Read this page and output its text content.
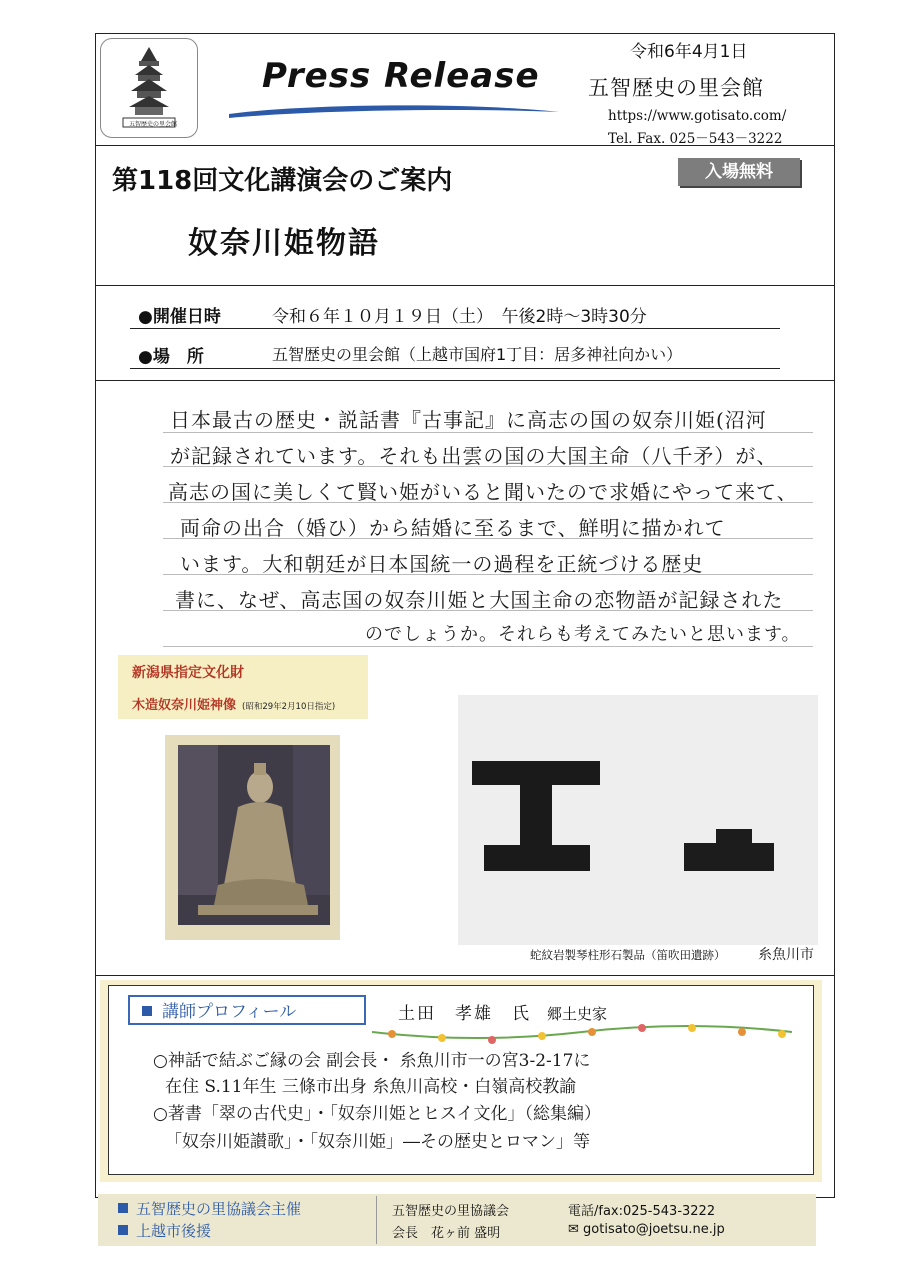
五智歴史の里会館
Press Release
令和6年4月1日
五智歴史の里会館
https://www.gotisato.com/
Tel. Fax. 025－543－3222
第118回文化講演会のご案内	入場無料
奴奈川姫物語
●開催日時	令和６年１０月１９日（土）　午後2時～3時30分
●場　所	五智歴史の里会館（上越市国府1丁目：居多神社向かい）
日本最古の歴史・説話書『古事記』に高志の国の奴奈川姫(沼河
が記録されています。それも出雲の国の大国主命（八千矛）が、
高志の国に美しくて賢い姫がいると聞いたので求婚にやって来て、
両命の出合（婚ひ）から結婚に至るまで、鮮明に描かれて
います。大和朝廷が日本国統一の過程を正統づける歴史
書に、なぜ、高志国の奴奈川姫と大国主命の恋物語が記録された
のでしょうか。それらも考えてみたいと思います。
新潟県指定文化財
木造奴奈川姫神像 (昭和29年2月10日指定)
蛇紋岩製琴柱形石製品（笛吹田遺跡） 糸魚川市
講師プロフィール	土田　孝雄　氏 郷土史家
○神話で結ぶご縁の会 副会長・ 糸魚川市一の宮3-2-17に
在住 S.11年生 三條市出身 糸魚川高校・白嶺高校教諭
○著書「翠の古代史」・「奴奈川姫とヒスイ文化」（総集編）
「奴奈川姫讃歌」・「奴奈川姫」―その歴史とロマン」等
五智歴史の里協議会主催
上越市後援
五智歴史の里協議会
会長　花ヶ前 盛明
電話/fax:025-543-3222
✉ gotisato@joetsu.ne.jp
